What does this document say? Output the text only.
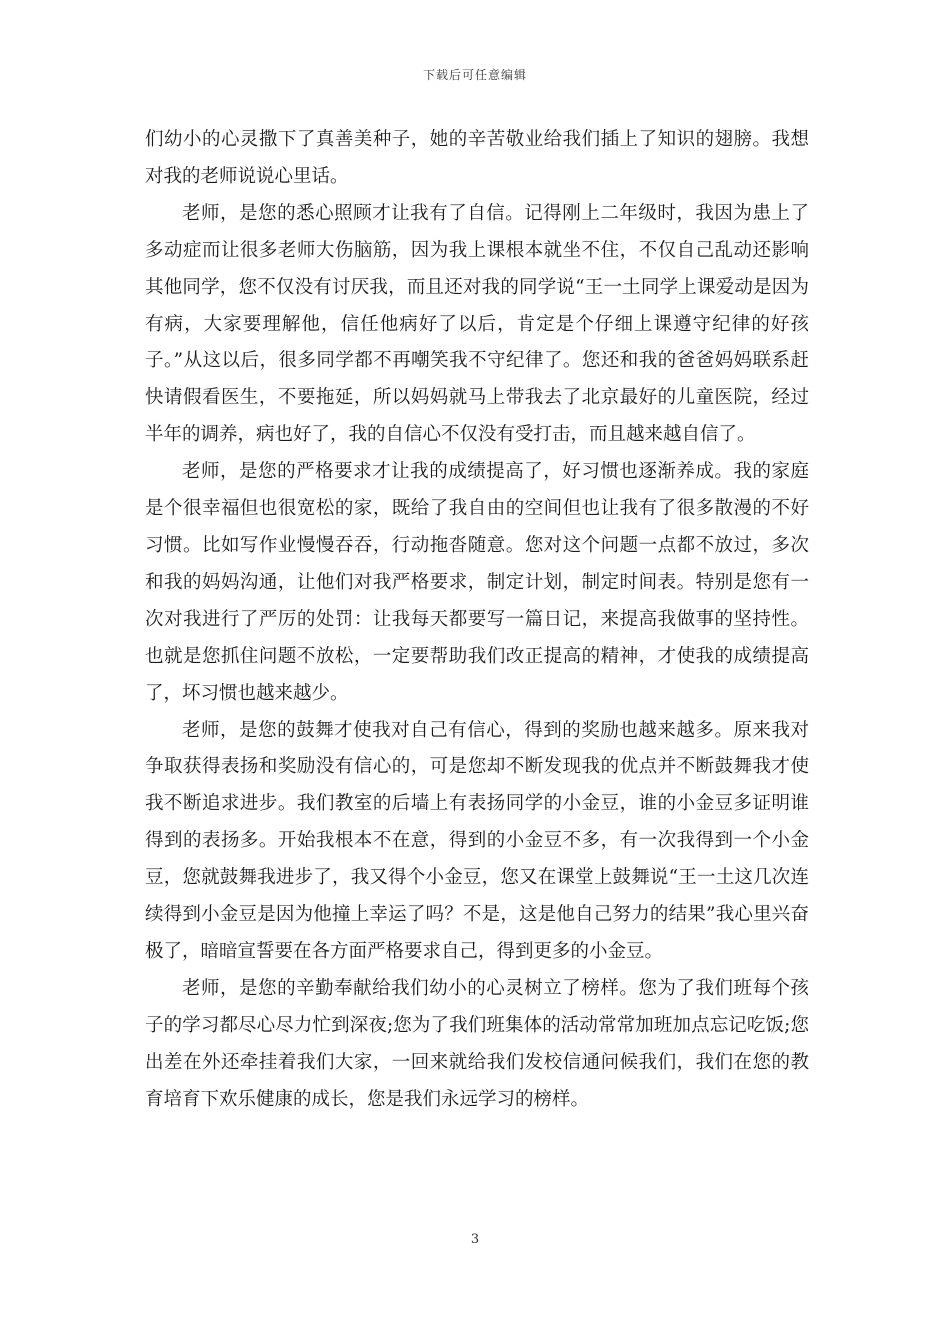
下载后可任意编辑

们幼小的心灵撒下了真善美种子，她的辛苦敬业给我们插上了知识的翅膀。我想对我的老师说说心里话。

老师，是您的悉心照顾才让我有了自信。记得刚上二年级时，我因为患上了多动症而让很多老师大伤脑筋，因为我上课根本就坐不住，不仅自己乱动还影响其他同学，您不仅没有讨厌我，而且还对我的同学说“王一土同学上课爱动是因为有病，大家要理解他，信任他病好了以后，肯定是个仔细上课遵守纪律的好孩子。”从这以后，很多同学都不再嘲笑我不守纪律了。您还和我的爸爸妈妈联系赶快请假看医生，不要拖延，所以妈妈就马上带我去了北京最好的儿童医院，经过半年的调养，病也好了，我的自信心不仅没有受打击，而且越来越自信了。

老师，是您的严格要求才让我的成绩提高了，好习惯也逐渐养成。我的家庭是个很幸福但也很宽松的家，既给了我自由的空间但也让我有了很多散漫的不好习惯。比如写作业慢慢吞吞，行动拖沓随意。您对这个问题一点都不放过，多次和我的妈妈沟通，让他们对我严格要求，制定计划，制定时间表。特别是您有一次对我进行了严厉的处罚：让我每天都要写一篇日记，来提高我做事的坚持性。也就是您抓住问题不放松，一定要帮助我们改正提高的精神，才使我的成绩提高了，坏习惯也越来越少。

老师，是您的鼓舞才使我对自己有信心，得到的奖励也越来越多。原来我对争取获得表扬和奖励没有信心的，可是您却不断发现我的优点并不断鼓舞我才使我不断追求进步。我们教室的后墙上有表扬同学的小金豆，谁的小金豆多证明谁得到的表扬多。开始我根本不在意，得到的小金豆不多，有一次我得到一个小金豆，您就鼓舞我进步了，我又得个小金豆，您又在课堂上鼓舞说“王一土这几次连续得到小金豆是因为他撞上幸运了吗？不是，这是他自己努力的结果”我心里兴奋极了，暗暗宣誓要在各方面严格要求自己，得到更多的小金豆。

老师，是您的辛勤奉献给我们幼小的心灵树立了榜样。您为了我们班每个孩子的学习都尽心尽力忙到深夜;您为了我们班集体的活动常常加班加点忘记吃饭;您出差在外还牵挂着我们大家，一回来就给我们发校信通问候我们，我们在您的教育培育下欢乐健康的成长，您是我们永远学习的榜样。

3
